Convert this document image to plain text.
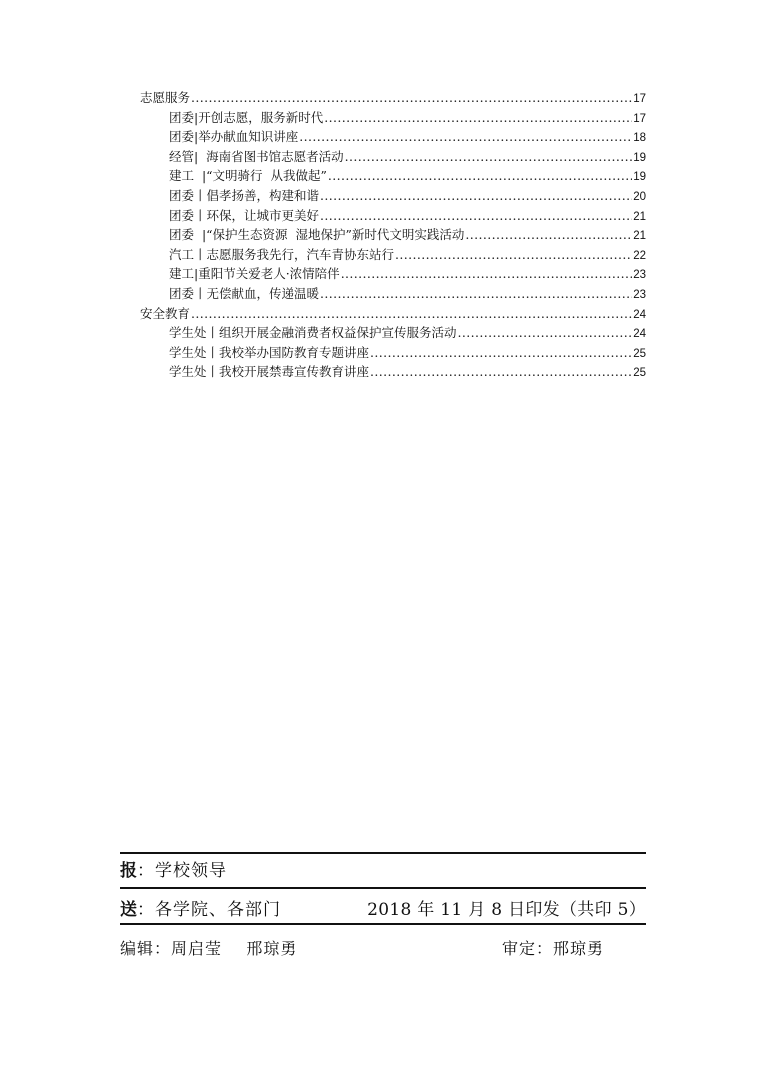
志愿服务 .....	17
团委|开创志愿，服务新时代 .....	17
团委|举办献血知识讲座 .....	18
经管|  海南省图书馆志愿者活动 .....	19
建工  |“文明骑行  从我做起” .....	19
团委丨倡孝扬善，构建和谐 .....	20
团委丨环保，让城市更美好 .....	21
团委  |“保护生态资源  湿地保护”新时代文明实践活动 .....	21
汽工丨志愿服务我先行，汽车青协东站行 .....	22
建工|重阳节关爱老人·浓情陪伴 .....	23
团委丨无偿献血，传递温暖 .....	23
安全教育 .....	24
学生处丨组织开展金融消费者权益保护宣传服务活动 .....	24
学生处丨我校举办国防教育专题讲座 .....	25
学生处丨我校开展禁毒宣传教育讲座 .....	25
报 ：学校领导
送 ：各学院、各部门	2018 年 11 月 8 日印发（共印 5）
编辑：周启莹    邢琼勇	审定：邢琼勇
